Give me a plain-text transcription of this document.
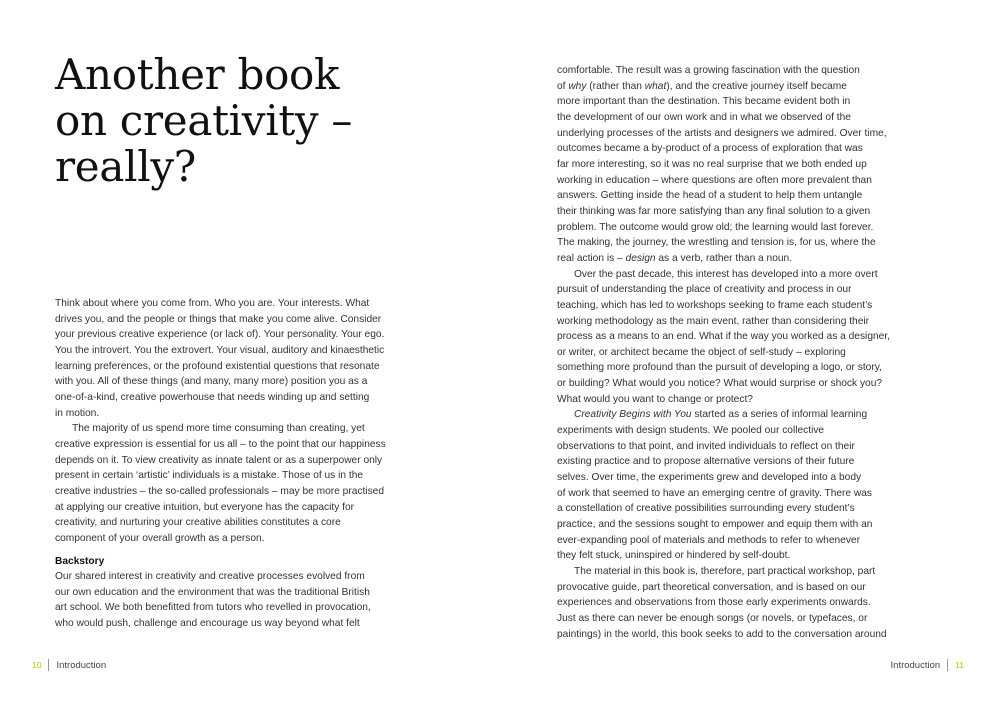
Another book
on creativity –
really?
Think about where you come from. Who you are. Your interests. What
drives you, and the people or things that make you come alive. Consider
your previous creative experience (or lack of). Your personality. Your ego.
You the introvert. You the extrovert. Your visual, auditory and kinaesthetic
learning preferences, or the profound existential questions that resonate
with you. All of these things (and many, many more) position you as a
one-of-a-kind, creative powerhouse that needs winding up and setting
in motion.
The majority of us spend more time consuming than creating, yet
creative expression is essential for us all – to the point that our happiness
depends on it. To view creativity as innate talent or as a superpower only
present in certain ‘artistic’ individuals is a mistake. Those of us in the
creative industries – the so-called professionals – may be more practised
at applying our creative intuition, but everyone has the capacity for
creativity, and nurturing your creative abilities constitutes a core
component of your overall growth as a person.
Backstory
Our shared interest in creativity and creative processes evolved from
our own education and the environment that was the traditional British
art school. We both benefitted from tutors who revelled in provocation,
who would push, challenge and encourage us way beyond what felt
10 Introduction
comfortable. The result was a growing fascination with the question
of why (rather than what), and the creative journey itself became
more important than the destination. This became evident both in
the development of our own work and in what we observed of the
underlying processes of the artists and designers we admired. Over time,
outcomes became a by-product of a process of exploration that was
far more interesting, so it was no real surprise that we both ended up
working in education – where questions are often more prevalent than
answers. Getting inside the head of a student to help them untangle
their thinking was far more satisfying than any final solution to a given
problem. The outcome would grow old; the learning would last forever.
The making, the journey, the wrestling and tension is, for us, where the
real action is – design as a verb, rather than a noun.
Over the past decade, this interest has developed into a more overt
pursuit of understanding the place of creativity and process in our
teaching, which has led to workshops seeking to frame each student’s
working methodology as the main event, rather than considering their
process as a means to an end. What if the way you worked as a designer,
or writer, or architect became the object of self-study – exploring
something more profound than the pursuit of developing a logo, or story,
or building? What would you notice? What would surprise or shock you?
What would you want to change or protect?
Creativity Begins with You started as a series of informal learning
experiments with design students. We pooled our collective
observations to that point, and invited individuals to reflect on their
existing practice and to propose alternative versions of their future
selves. Over time, the experiments grew and developed into a body
of work that seemed to have an emerging centre of gravity. There was
a constellation of creative possibilities surrounding every student’s
practice, and the sessions sought to empower and equip them with an
ever-expanding pool of materials and methods to refer to whenever
they felt stuck, uninspired or hindered by self-doubt.
The material in this book is, therefore, part practical workshop, part
provocative guide, part theoretical conversation, and is based on our
experiences and observations from those early experiments onwards.
Just as there can never be enough songs (or novels, or typefaces, or
paintings) in the world, this book seeks to add to the conversation around
Introduction 11
